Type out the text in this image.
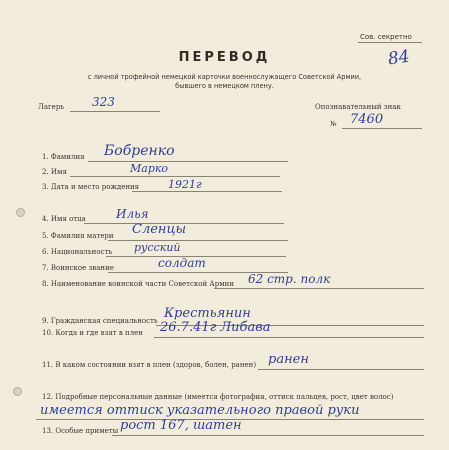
Сов. секретно
84
ПЕРЕВОД
с личной трофейной немецкой карточки военнослужащего Советской Армии,
бывшего в немецком плену.
Лагерь 323	Опознавательный знак
№ 7460
1. Фамилия Бобренко
2. Имя	Марко
3. Дата и место рождения	1921г
4. Имя отца	Илья
5. Фамилия матери Сленцы
6. Национальность русский
7. Воинское звание	солдат
8. Наименование воинской части Советской Армии 62 стр. полк
9. Гражданская специальность Крестьянин
10. Когда и где взят в плен 26.7.41г Либава
11. В каком состоянии взят в плен (здоров, болен, ранен) ранен
12. Подробные персональные данные (имеется фотография, оттиск пальцев, рост, цвет волос)
имеется оттиск указательного правой руки
13. Особые приметы рост 167, шатен
